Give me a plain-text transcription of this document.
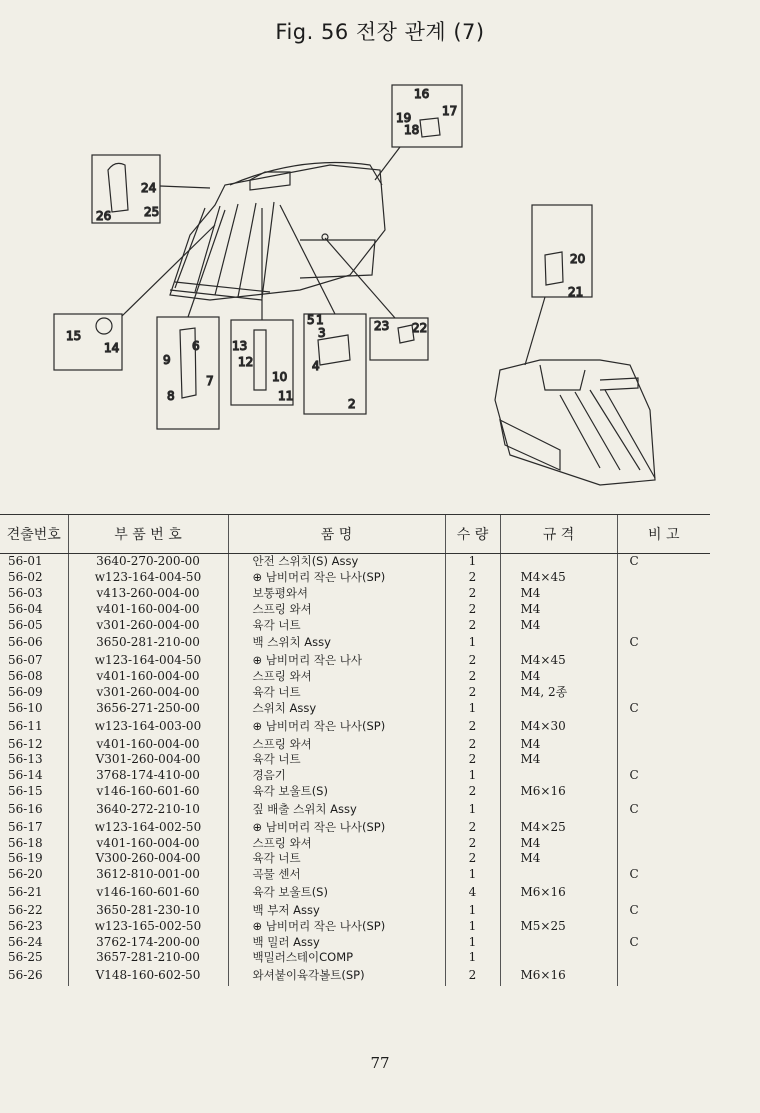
Fig. 56 전장 관계 (7)
1
2
3
4
5
6
7
8
9
10
11
12
13
14
15
16
17
18
19
20
21
22
23
24
25
26
견출번호	부 품 번 호	품 명	수 량	규 격	비 고
56-01	3640-270-200-00	안전 스위치(S) Assy	1		C
56-02	w123-164-004-50	⊕ 남비머리 작은 나사(SP)	2	M4×45	
56-03	v413-260-004-00	보통평와셔	2	M4	
56-04	v401-160-004-00	스프링 와셔	2	M4	
56-05	v301-260-004-00	육각 너트	2	M4	
56-06	3650-281-210-00	백 스위치 Assy	1		C
56-07	w123-164-004-50	⊕ 남비머리 작은 나사	2	M4×45	
56-08	v401-160-004-00	스프링 와셔	2	M4	
56-09	v301-260-004-00	육각 너트	2	M4, 2종	
56-10	3656-271-250-00	스위치 Assy	1		C
56-11	w123-164-003-00	⊕ 남비머리 작은 나사(SP)	2	M4×30	
56-12	v401-160-004-00	스프링 와셔	2	M4	
56-13	V301-260-004-00	육각 너트	2	M4	
56-14	3768-174-410-00	경음기	1		C
56-15	v146-160-601-60	육각 보울트(S)	2	M6×16	
56-16	3640-272-210-10	짚 배출 스위치 Assy	1		C
56-17	w123-164-002-50	⊕ 남비머리 작은 나사(SP)	2	M4×25	
56-18	v401-160-004-00	스프링 와셔	2	M4	
56-19	V300-260-004-00	육각 너트	2	M4	
56-20	3612-810-001-00	곡물 센서	1		C
56-21	v146-160-601-60	육각 보울트(S)	4	M6×16	
56-22	3650-281-230-10	백 부저 Assy	1		C
56-23	w123-165-002-50	⊕ 남비머리 작은 나사(SP)	1	M5×25	
56-24	3762-174-200-00	백 밀러 Assy	1		C
56-25	3657-281-210-00	백밀러스테이COMP	1		
56-26	V148-160-602-50	와셔붙이육각볼트(SP)	2	M6×16	
77
